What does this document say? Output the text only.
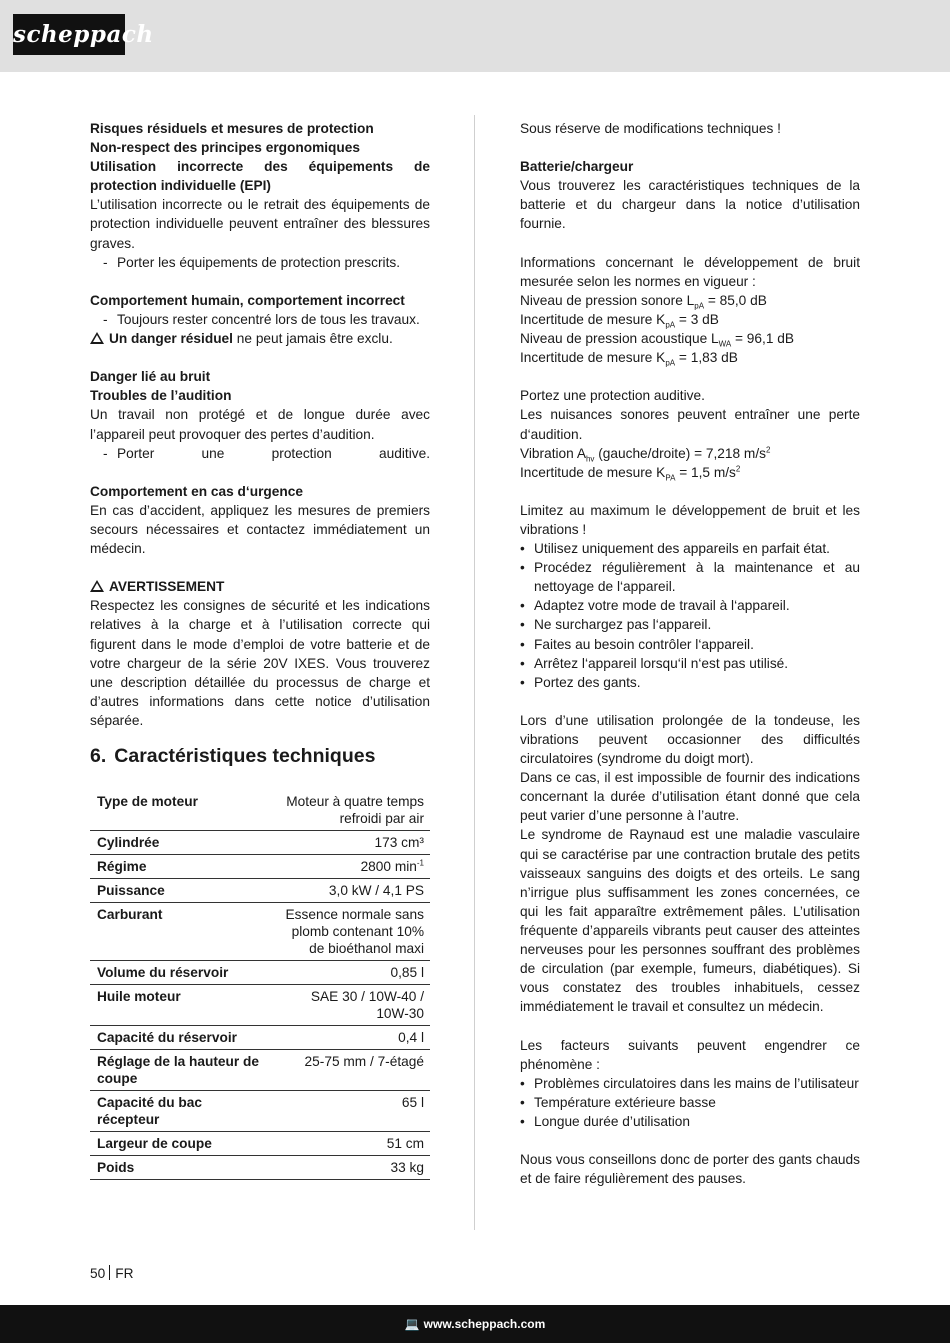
scheppach

Risques résiduels et mesures de protection

Non-respect des principes ergonomiques

Utilisation incorrecte des équipements de protection individuelle (EPI)

L’utilisation incorrecte ou le retrait des équipements de protection individuelle peuvent entraîner des blessures graves.

- Porter les équipements de protection prescrits.

Comportement humain, comportement incorrect

- Toujours rester concentré lors de tous les travaux.

Un danger résiduel ne peut jamais être exclu.

Danger lié au bruit

Troubles de l’audition

Un travail non protégé et de longue durée avec l’appareil peut provoquer des pertes d’audition.

- Porter une protection auditive.

Comportement en cas d‘urgence

En cas d’accident, appliquez les mesures de premiers secours nécessaires et contactez immédiatement un médecin.

AVERTISSEMENT

Respectez les consignes de sécurité et les indications relatives à la charge et à l’utilisation correcte qui figurent dans le mode d’emploi de votre batterie et de votre chargeur de la série 20V IXES. Vous trouverez une description détaillée du processus de charge et d’autres informations dans cette notice d’utilisation séparée.

6. Caractéristiques techniques
Type de moteur	Moteur à quatre temps refroidi par air
Cylindrée	173 cm³
Régime	2800 $\min^{-1}$
Puissance	3,0 kW / 4,1 PS
Carburant	Essence normale sans plomb contenant 10% de bioéthanol maxi
Volume du réservoir	0,85 l
Huile moteur	SAE 30 / 10W-40 / 10W-30
Capacité du réservoir	0,4 l
Réglage de la hauteur de coupe	25-75 mm / 7-étagé
Capacité du bac récepteur	65 l
Largeur de coupe	51 cm
Poids	33 kg

Sous réserve de modifications techniques !

Batterie/chargeur

Vous trouverez les caractéristiques techniques de la batterie et du chargeur dans la notice d’utilisation fournie.

Informations concernant le développement de bruit mesurée selon les normes en vigueur :

Niveau de pression sonore $L_{pA} = 85,0$ dB

Incertitude de mesure $K_{pA} = 3$ dB

Niveau de pression acoustique $L_{WA} = 96,1$ dB

Incertitude de mesure $K_{pA} = 1,83$ dB

Portez une protection auditive.

Les nuisances sonores peuvent entraîner une perte d‘audition.

Vibration $A_{hv}$ (gauche/droite) = 7,218 $m/s^2$

Incertitude de mesure $K_{PA} = 1,5$ $m/s^2$

Limitez au maximum le développement de bruit et les vibrations !

• Utilisez uniquement des appareils en parfait état.

• Procédez régulièrement à la maintenance et au nettoyage de l‘appareil.

• Adaptez votre mode de travail à l‘appareil.

• Ne surchargez pas l‘appareil.

• Faites au besoin contrôler l‘appareil.

• Arrêtez l‘appareil lorsqu‘il n‘est pas utilisé.

• Portez des gants.

Lors d’une utilisation prolongée de la tondeuse, les vibrations peuvent occasionner des difficultés circulatoires (syndrome du doigt mort).

Dans ce cas, il est impossible de fournir des indications concernant la durée d’utilisation étant donné que cela peut varier d’une personne à l’autre.

Le syndrome de Raynaud est une maladie vasculaire qui se caractérise par une contraction brutale des petits vaisseaux sanguins des doigts et des orteils. Le sang n’irrigue plus suffisamment les zones concernées, ce qui les fait apparaître extrêmement pâles. L’utilisation fréquente d’appareils vibrants peut causer des atteintes nerveuses pour les personnes souffrant des problèmes de circulation (par exemple, fumeurs, diabétiques). Si vous constatez des troubles inhabituels, cessez immédiatement le travail et consultez un médecin.

Les facteurs suivants peuvent engendrer ce phénomène :

• Problèmes circulatoires dans les mains de l’utilisateur

• Température extérieure basse

• Longue durée d’utilisation

Nous vous conseillons donc de porter des gants chauds et de faire régulièrement des pauses.

50 FR
💻 www.scheppach.com
